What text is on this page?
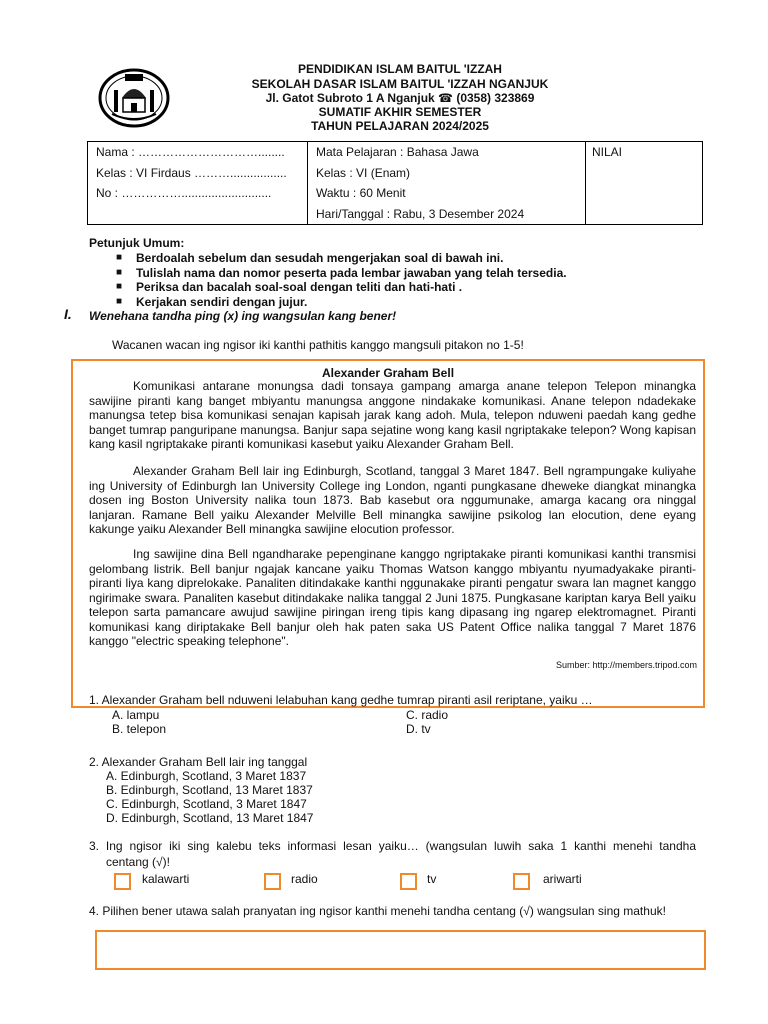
PENDIDIKAN ISLAM BAITUL 'IZZAH
SEKOLAH DASAR ISLAM BAITUL 'IZZAH NGANJUK
Jl. Gatot Subroto 1 A Nganjuk ☎ (0358) 323869
SUMATIF AKHIR SEMESTER
TAHUN PELAJARAN 2024/2025
Nama : …………………………........
Kelas : VI Firdaus ……….................
No : ……………...........................

Mata Pelajaran : Bahasa Jawa
Kelas : VI (Enam)
Waktu : 60 Menit
Hari/Tanggal : Rabu, 3 Desember 2024

NILAI
Petunjuk Umum:
■ Berdoalah sebelum dan sesudah mengerjakan soal di bawah ini.
■ Tulislah nama dan nomor peserta pada lembar jawaban yang telah tersedia.
■ Periksa dan bacalah soal-soal dengan teliti dan hati-hati .
■ Kerjakan sendiri dengan jujur.
I. Wenehana tandha ping (x) ing wangsulan kang bener!
Wacanen wacan ing ngisor iki kanthi pathitis kanggo mangsuli pitakon no 1-5!
Alexander Graham Bell
Komunikasi antarane monungsa dadi tonsaya gampang amarga anane telepon Telepon minangka sawijine piranti kang banget mbiyantu manungsa anggone nindakake komunikasi. Anane telepon ndadekake manungsa tetep bisa komunikasi senajan kapisah jarak kang adoh. Mula, telepon nduweni paedah kang gedhe banget tumrap panguripane manungsa. Banjur sapa sejatine wong kang kasil ngriptakake telepon? Wong kapisan kang kasil ngriptakake piranti komunikasi kasebut yaiku Alexander Graham Bell.
Alexander Graham Bell lair ing Edinburgh, Scotland, tanggal 3 Maret 1847. Bell ngrampungake kuliyahe ing University of Edinburgh lan University College ing London, nganti pungkasane dheweke diangkat minangka dosen ing Boston University nalika toun 1873. Bab kasebut ora nggumunake, amarga kacang ora ninggal lanjaran. Ramane Bell yaiku Alexander Melville Bell minangka sawijine psikolog lan elocution, dene eyang kakunge yaiku Alexander Bell minangka sawijine elocution professor.
Ing sawijine dina Bell ngandharake pepenginane kanggo ngriptakake piranti komunikasi kanthi transmisi gelombang listrik. Bell banjur ngajak kancane yaiku Thomas Watson kanggo mbiyantu nyumadyakake piranti-piranti liya kang diprelokake. Panaliten ditindakake kanthi nggunakake piranti pengatur swara lan magnet kanggo ngirimake swara. Panaliten kasebut ditindakake nalika tanggal 2 Juni 1875. Pungkasane kariptan karya Bell yaiku telepon sarta pamancare awujud sawijine piringan ireng tipis kang dipasang ing ngarep elektromagnet. Piranti komunikasi kang diriptakake Bell banjur oleh hak paten saka US Patent Office nalika tanggal 7 Maret 1876 kanggo "electric speaking telephone".
Sumber: http://members.tripod.com
1. Alexander Graham bell nduweni lelabuhan kang gedhe tumrap piranti asil reriptane, yaiku …
A. lampu
B. telepon
C. radio
D. tv
2. Alexander Graham Bell lair ing tanggal
A. Edinburgh, Scotland, 3 Maret 1837
B. Edinburgh, Scotland, 13 Maret 1837
C. Edinburgh, Scotland, 3 Maret 1847
D. Edinburgh, Scotland, 13 Maret 1847
3. Ing ngisor iki sing kalebu teks informasi lesan yaiku… (wangsulan luwih saka 1 kanthi menehi tandha
centang (√)!
kalawarti	radio	tv	ariwarti
4. Pilihen bener utawa salah pranyatan ing ngisor kanthi menehi tandha centang (√) wangsulan sing mathuk!
